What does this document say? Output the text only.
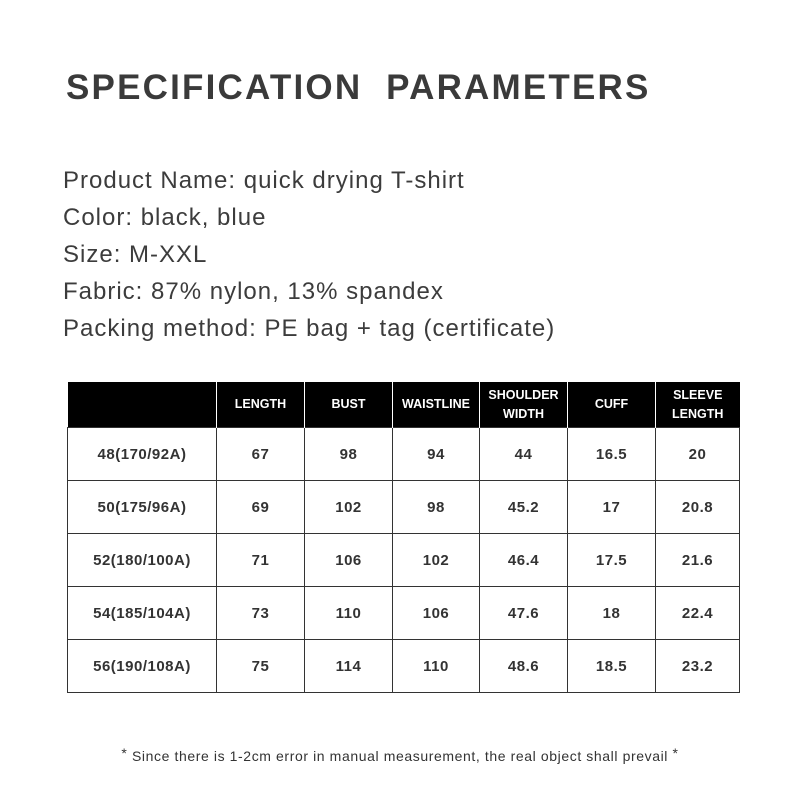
SPECIFICATION  PARAMETERS
Product Name: quick drying T-shirt
Color: black, blue
Size: M-XXL
Fabric: 87% nylon, 13% spandex
Packing method: PE bag + tag (certificate)
	LENGTH	BUST	WAISTLINE	SHOULDER WIDTH	CUFF	SLEEVE LENGTH
48(170/92A)	67	98	94	44	16.5	20
50(175/96A)	69	102	98	45.2	17	20.8
52(180/100A)	71	106	102	46.4	17.5	21.6
54(185/104A)	73	110	106	47.6	18	22.4
56(190/108A)	75	114	110	48.6	18.5	23.2
* Since there is 1-2cm error in manual measurement, the real object shall prevail *
